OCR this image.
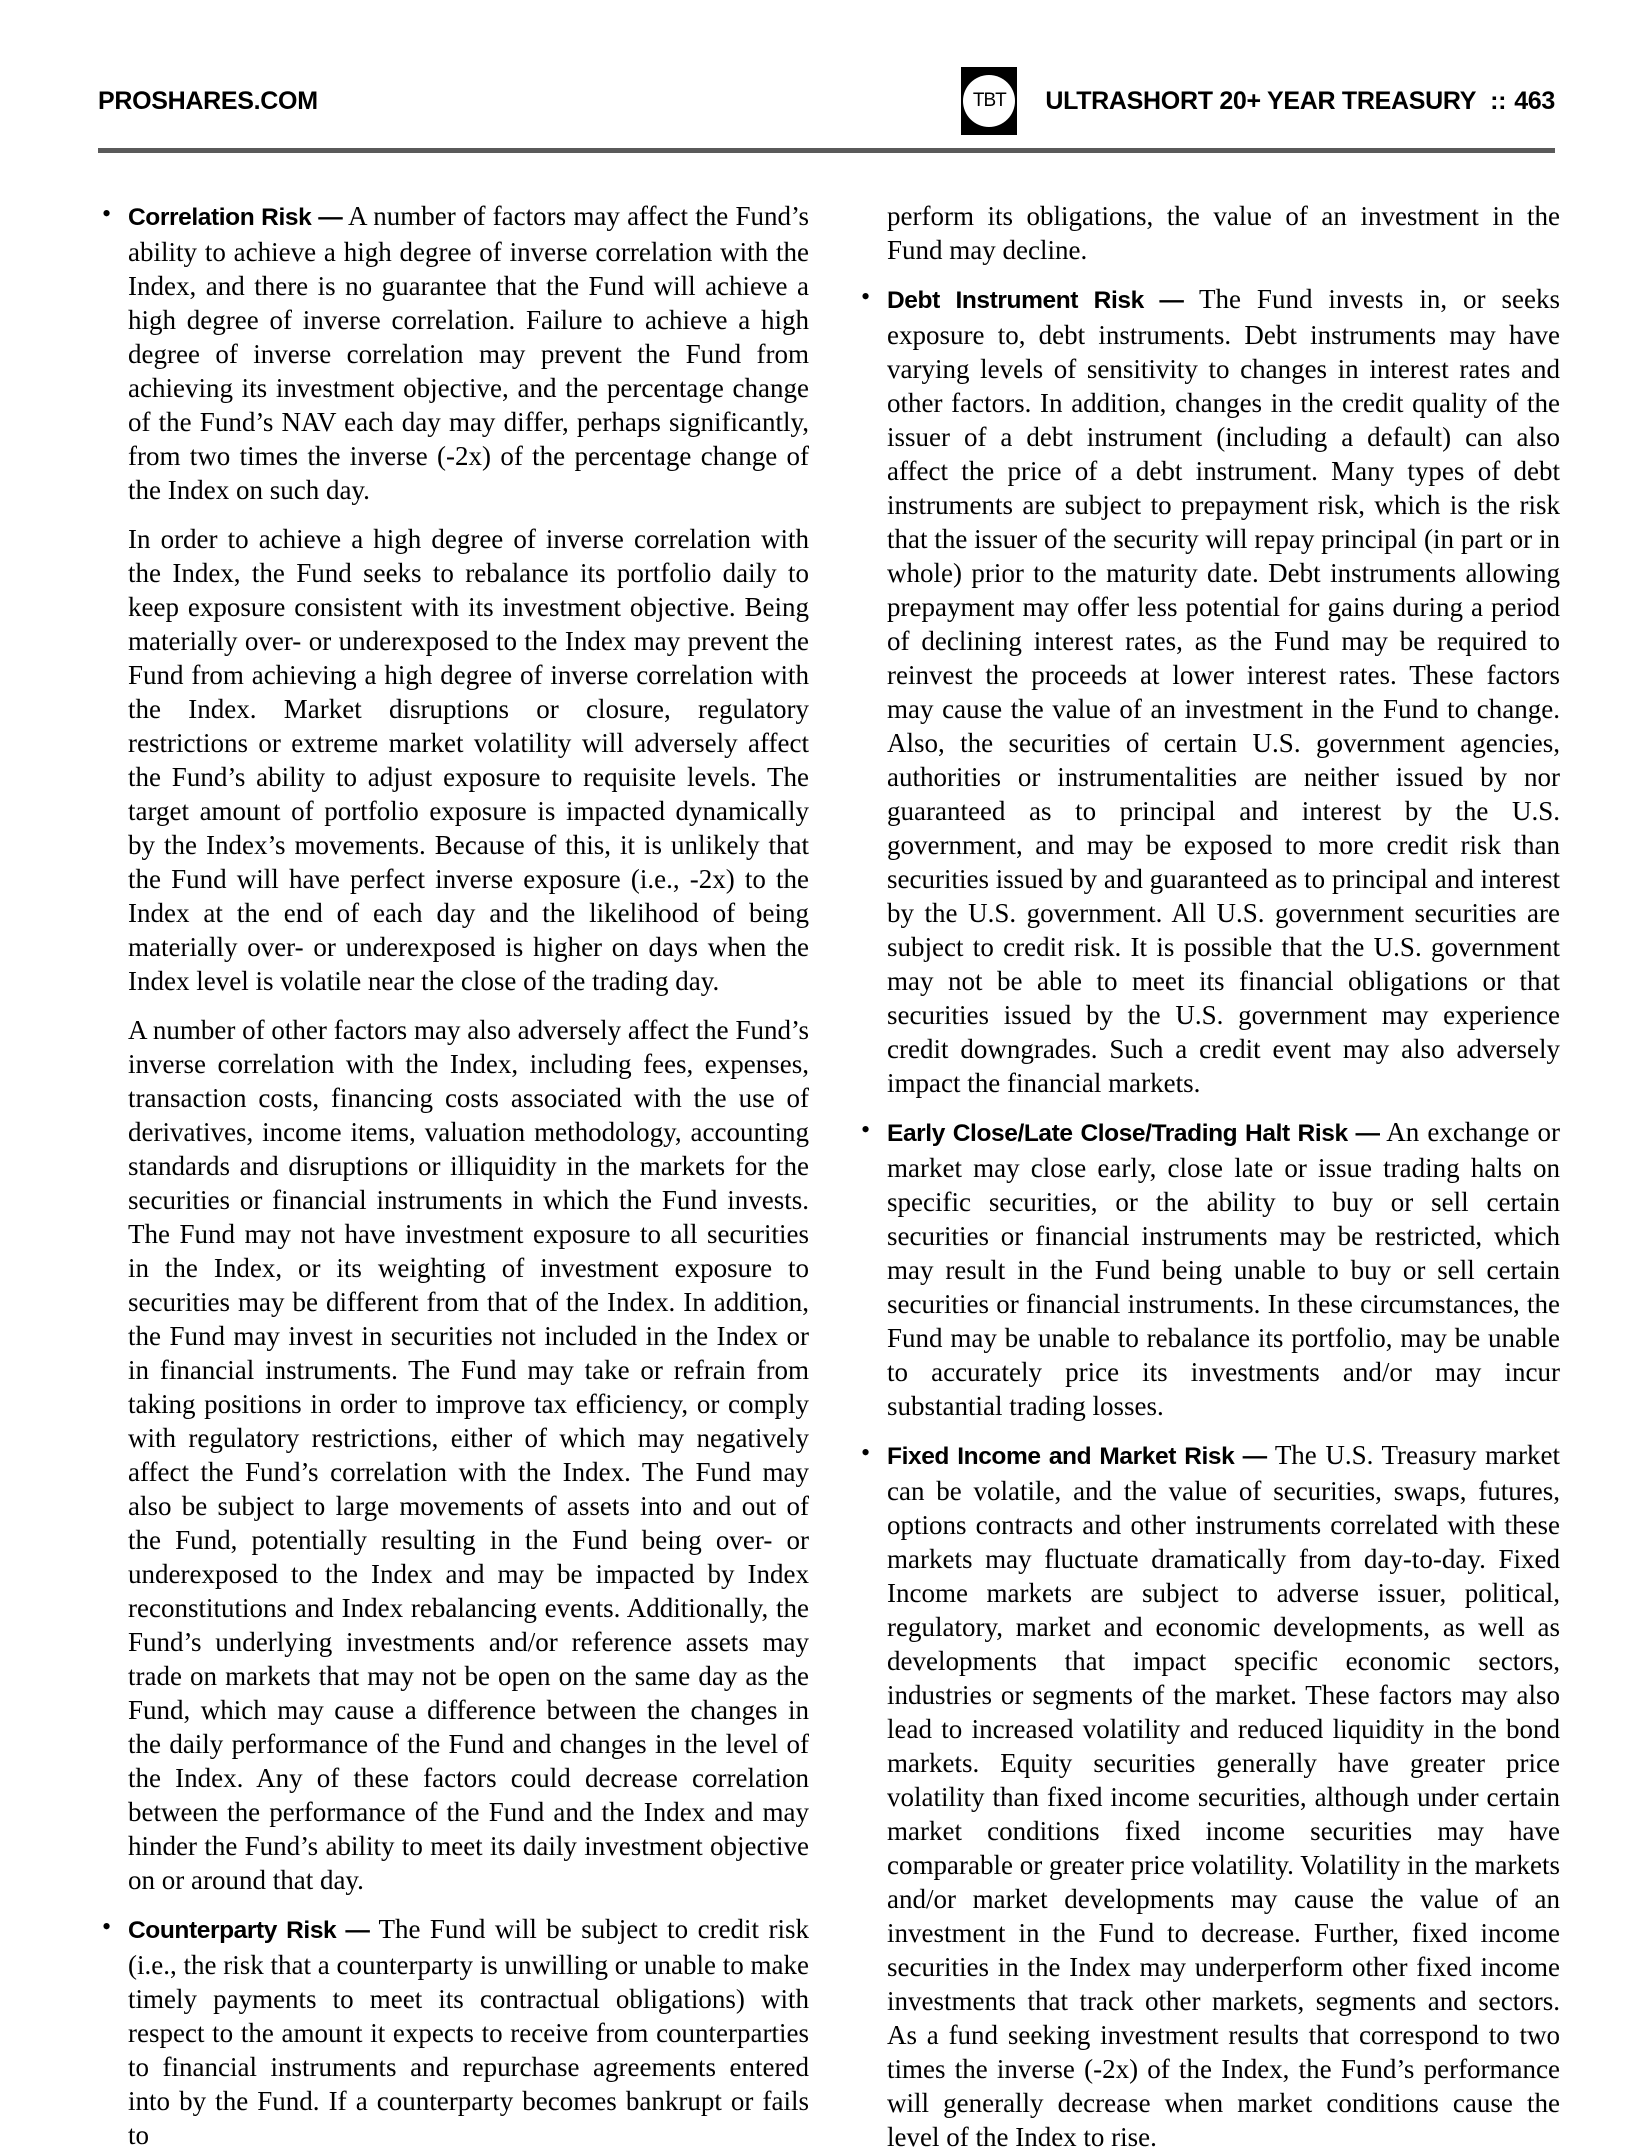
PROSHARES.COM	TBT ULTRASHORT 20+ YEAR TREASURY :: 463
• Correlation Risk — A number of factors may affect the Fund’s ability to achieve a high degree of inverse correlation with the Index, and there is no guarantee that the Fund will achieve a high degree of inverse correlation. Failure to achieve a high degree of inverse correlation may prevent the Fund from achieving its investment objective, and the percentage change of the Fund’s NAV each day may differ, perhaps significantly, from two times the inverse (-2x) of the percentage change of the Index on such day.
In order to achieve a high degree of inverse correlation with the Index, the Fund seeks to rebalance its portfolio daily to keep exposure consistent with its investment objective. Being materially over- or underexposed to the Index may prevent the Fund from achieving a high degree of inverse correlation with the Index. Market disruptions or closure, regulatory restrictions or extreme market volatility will adversely affect the Fund’s ability to adjust exposure to requisite levels. The target amount of portfolio exposure is impacted dynamically by the Index’s movements. Because of this, it is unlikely that the Fund will have perfect inverse exposure (i.e., -2x) to the Index at the end of each day and the likelihood of being materially over- or underexposed is higher on days when the Index level is volatile near the close of the trading day.
A number of other factors may also adversely affect the Fund’s inverse correlation with the Index, including fees, expenses, transaction costs, financing costs associated with the use of derivatives, income items, valuation methodology, accounting standards and disruptions or illiquidity in the markets for the securities or financial instruments in which the Fund invests. The Fund may not have investment exposure to all securities in the Index, or its weighting of investment exposure to securities may be different from that of the Index. In addition, the Fund may invest in securities not included in the Index or in financial instruments. The Fund may take or refrain from taking positions in order to improve tax efficiency, or comply with regulatory restrictions, either of which may negatively affect the Fund’s correlation with the Index. The Fund may also be subject to large movements of assets into and out of the Fund, potentially resulting in the Fund being over- or underexposed to the Index and may be impacted by Index reconstitutions and Index rebalancing events. Additionally, the Fund’s underlying investments and/or reference assets may trade on markets that may not be open on the same day as the Fund, which may cause a difference between the changes in the daily performance of the Fund and changes in the level of the Index. Any of these factors could decrease correlation between the performance of the Fund and the Index and may hinder the Fund’s ability to meet its daily investment objective on or around that day.
• Counterparty Risk — The Fund will be subject to credit risk (i.e., the risk that a counterparty is unwilling or unable to make timely payments to meet its contractual obligations) with respect to the amount it expects to receive from counterparties to financial instruments and repurchase agreements entered into by the Fund. If a counterparty becomes bankrupt or fails to
perform its obligations, the value of an investment in the Fund may decline.
• Debt Instrument Risk — The Fund invests in, or seeks exposure to, debt instruments. Debt instruments may have varying levels of sensitivity to changes in interest rates and other factors. In addition, changes in the credit quality of the issuer of a debt instrument (including a default) can also affect the price of a debt instrument. Many types of debt instruments are subject to prepayment risk, which is the risk that the issuer of the security will repay principal (in part or in whole) prior to the maturity date. Debt instruments allowing prepayment may offer less potential for gains during a period of declining interest rates, as the Fund may be required to reinvest the proceeds at lower interest rates. These factors may cause the value of an investment in the Fund to change. Also, the securities of certain U.S. government agencies, authorities or instrumentalities are neither issued by nor guaranteed as to principal and interest by the U.S. government, and may be exposed to more credit risk than securities issued by and guaranteed as to principal and interest by the U.S. government. All U.S. government securities are subject to credit risk. It is possible that the U.S. government may not be able to meet its financial obligations or that securities issued by the U.S. government may experience credit downgrades. Such a credit event may also adversely impact the financial markets.
• Early Close/Late Close/Trading Halt Risk — An exchange or market may close early, close late or issue trading halts on specific securities, or the ability to buy or sell certain securities or financial instruments may be restricted, which may result in the Fund being unable to buy or sell certain securities or financial instruments. In these circumstances, the Fund may be unable to rebalance its portfolio, may be unable to accurately price its investments and/or may incur substantial trading losses.
• Fixed Income and Market Risk — The U.S. Treasury market can be volatile, and the value of securities, swaps, futures, options contracts and other instruments correlated with these markets may fluctuate dramatically from day-to-day. Fixed Income markets are subject to adverse issuer, political, regulatory, market and economic developments, as well as developments that impact specific economic sectors, industries or segments of the market. These factors may also lead to increased volatility and reduced liquidity in the bond markets. Equity securities generally have greater price volatility than fixed income securities, although under certain market conditions fixed income securities may have comparable or greater price volatility. Volatility in the markets and/or market developments may cause the value of an investment in the Fund to decrease. Further, fixed income securities in the Index may underperform other fixed income investments that track other markets, segments and sectors. As a fund seeking investment results that correspond to two times the inverse (-2x) of the Index, the Fund’s performance will generally decrease when market conditions cause the level of the Index to rise.
